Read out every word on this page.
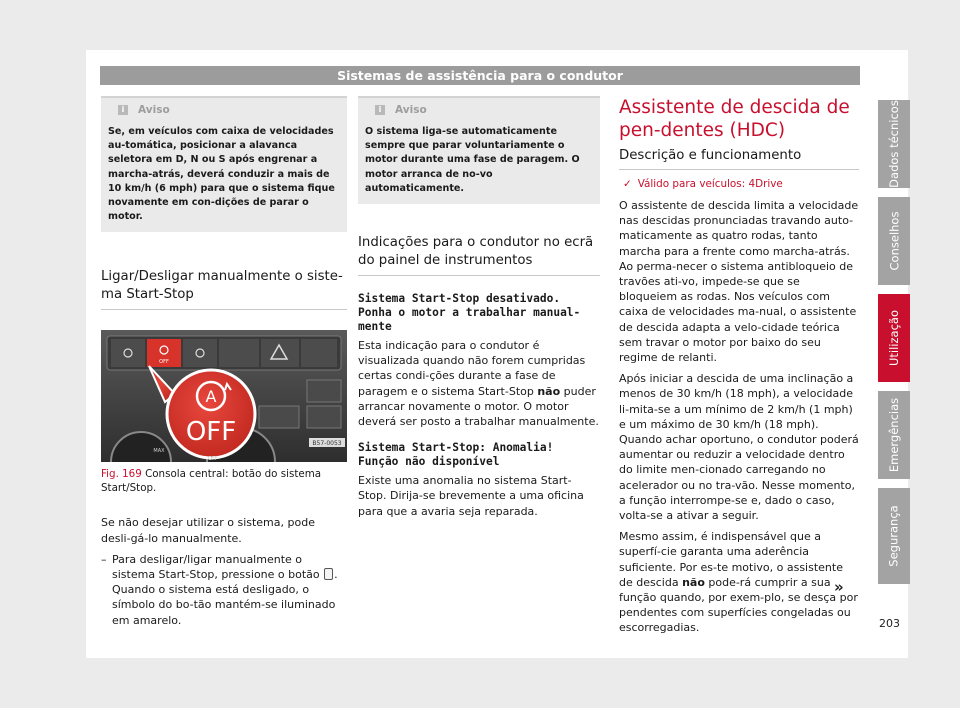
Sistemas de assistência para o condutor
i	Aviso
Se, em veículos com caixa de velocidades au-tomática, posicionar a alavanca seletora em D, N ou S após engrenar a marcha-atrás, deverá conduzir a mais de 10 km/h (6 mph) para que o sistema fique novamente em con-dições de parar o motor.
Ligar/Desligar manualmente o siste-ma Start-Stop
A
OFF
OFF
OFF
MAX
B57-0053
Fig. 169 Consola central: botão do sistema Start/Stop.
Se não desejar utilizar o sistema, pode desli-gá-lo manualmente.
– Para desligar/ligar manualmente o sistema Start-Stop, pressione o botão . Quando o sistema está desligado, o símbolo do bo-tão mantém-se iluminado em amarelo.
i	Aviso
O sistema liga-se automaticamente sempre que parar voluntariamente o motor durante uma fase de paragem. O motor arranca de no-vo automaticamente.
Indicações para o condutor no ecrã do painel de instrumentos
Sistema Start-Stop desativado. Ponha o motor a trabalhar manual-mente
Esta indicação para o condutor é visualizada quando não forem cumpridas certas condi-ções durante a fase de paragem e o sistema Start-Stop não puder arrancar novamente o motor. O motor deverá ser posto a trabalhar manualmente.
Sistema Start-Stop: Anomalia! Função não disponível
Existe uma anomalia no sistema Start-Stop. Dirija-se brevemente a uma oficina para que a avaria seja reparada.
Assistente de descida de pen-dentes (HDC)
Descrição e funcionamento
✓ Válido para veículos: 4Drive
O assistente de descida limita a velocidade nas descidas pronunciadas travando auto-maticamente as quatro rodas, tanto marcha para a frente como marcha-atrás. Ao perma-necer o sistema antibloqueio de travões ati-vo, impede-se que se bloqueiem as rodas. Nos veículos com caixa de velocidades ma-nual, o assistente de descida adapta a velo-cidade teórica sem travar o motor por baixo do seu regime de relanti.
Após iniciar a descida de uma inclinação a menos de 30 km/h (18 mph), a velocidade li-mita-se a um mínimo de 2 km/h (1 mph) e um máximo de 30 km/h (18 mph). Quando achar oportuno, o condutor poderá aumentar ou reduzir a velocidade dentro do limite men-cionado carregando no acelerador ou no tra-vão. Nesse momento, a função interrompe-se e, dado o caso, volta-se a ativar a seguir.
Mesmo assim, é indispensável que a superfí-cie garanta uma aderência suficiente. Por es-te motivo, o assistente de descida não pode-rá cumprir a sua função quando, por exem-plo, se desça por pendentes com superfícies congeladas ou escorregadias.
»
Dados técnicos
Conselhos
Utilização
Emergências
Segurança
203
